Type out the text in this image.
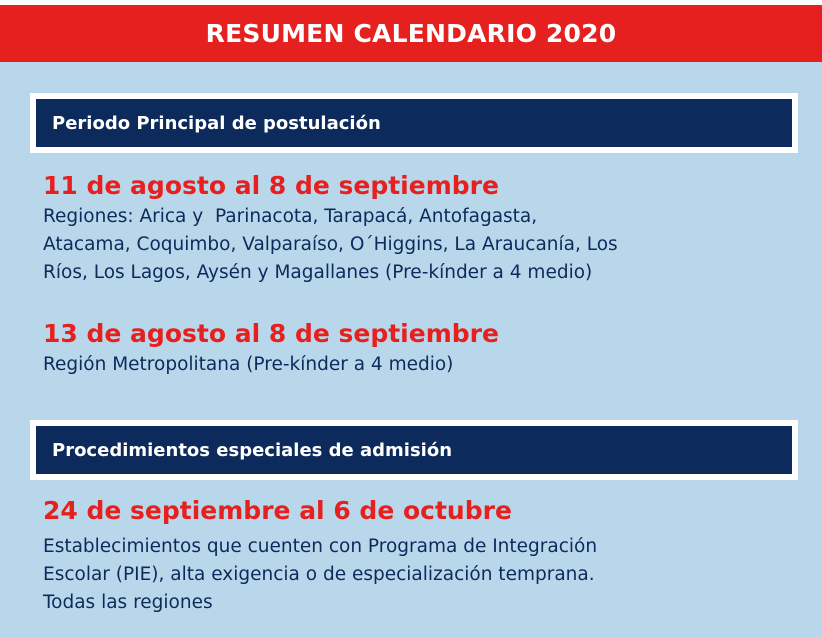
RESUMEN CALENDARIO 2020
Periodo Principal de postulación
11 de agosto al 8 de septiembre
Regiones: Arica y  Parinacota, Tarapacá, Antofagasta,
Atacama, Coquimbo, Valparaíso, O´Higgins, La Araucanía, Los
Ríos, Los Lagos, Aysén y Magallanes (Pre-kínder a 4 medio)
13 de agosto al 8 de septiembre
Región Metropolitana (Pre-kínder a 4 medio)
Procedimientos especiales de admisión
24 de septiembre al 6 de octubre
Establecimientos que cuenten con Programa de Integración
Escolar (PIE), alta exigencia o de especialización temprana.
Todas las regiones
